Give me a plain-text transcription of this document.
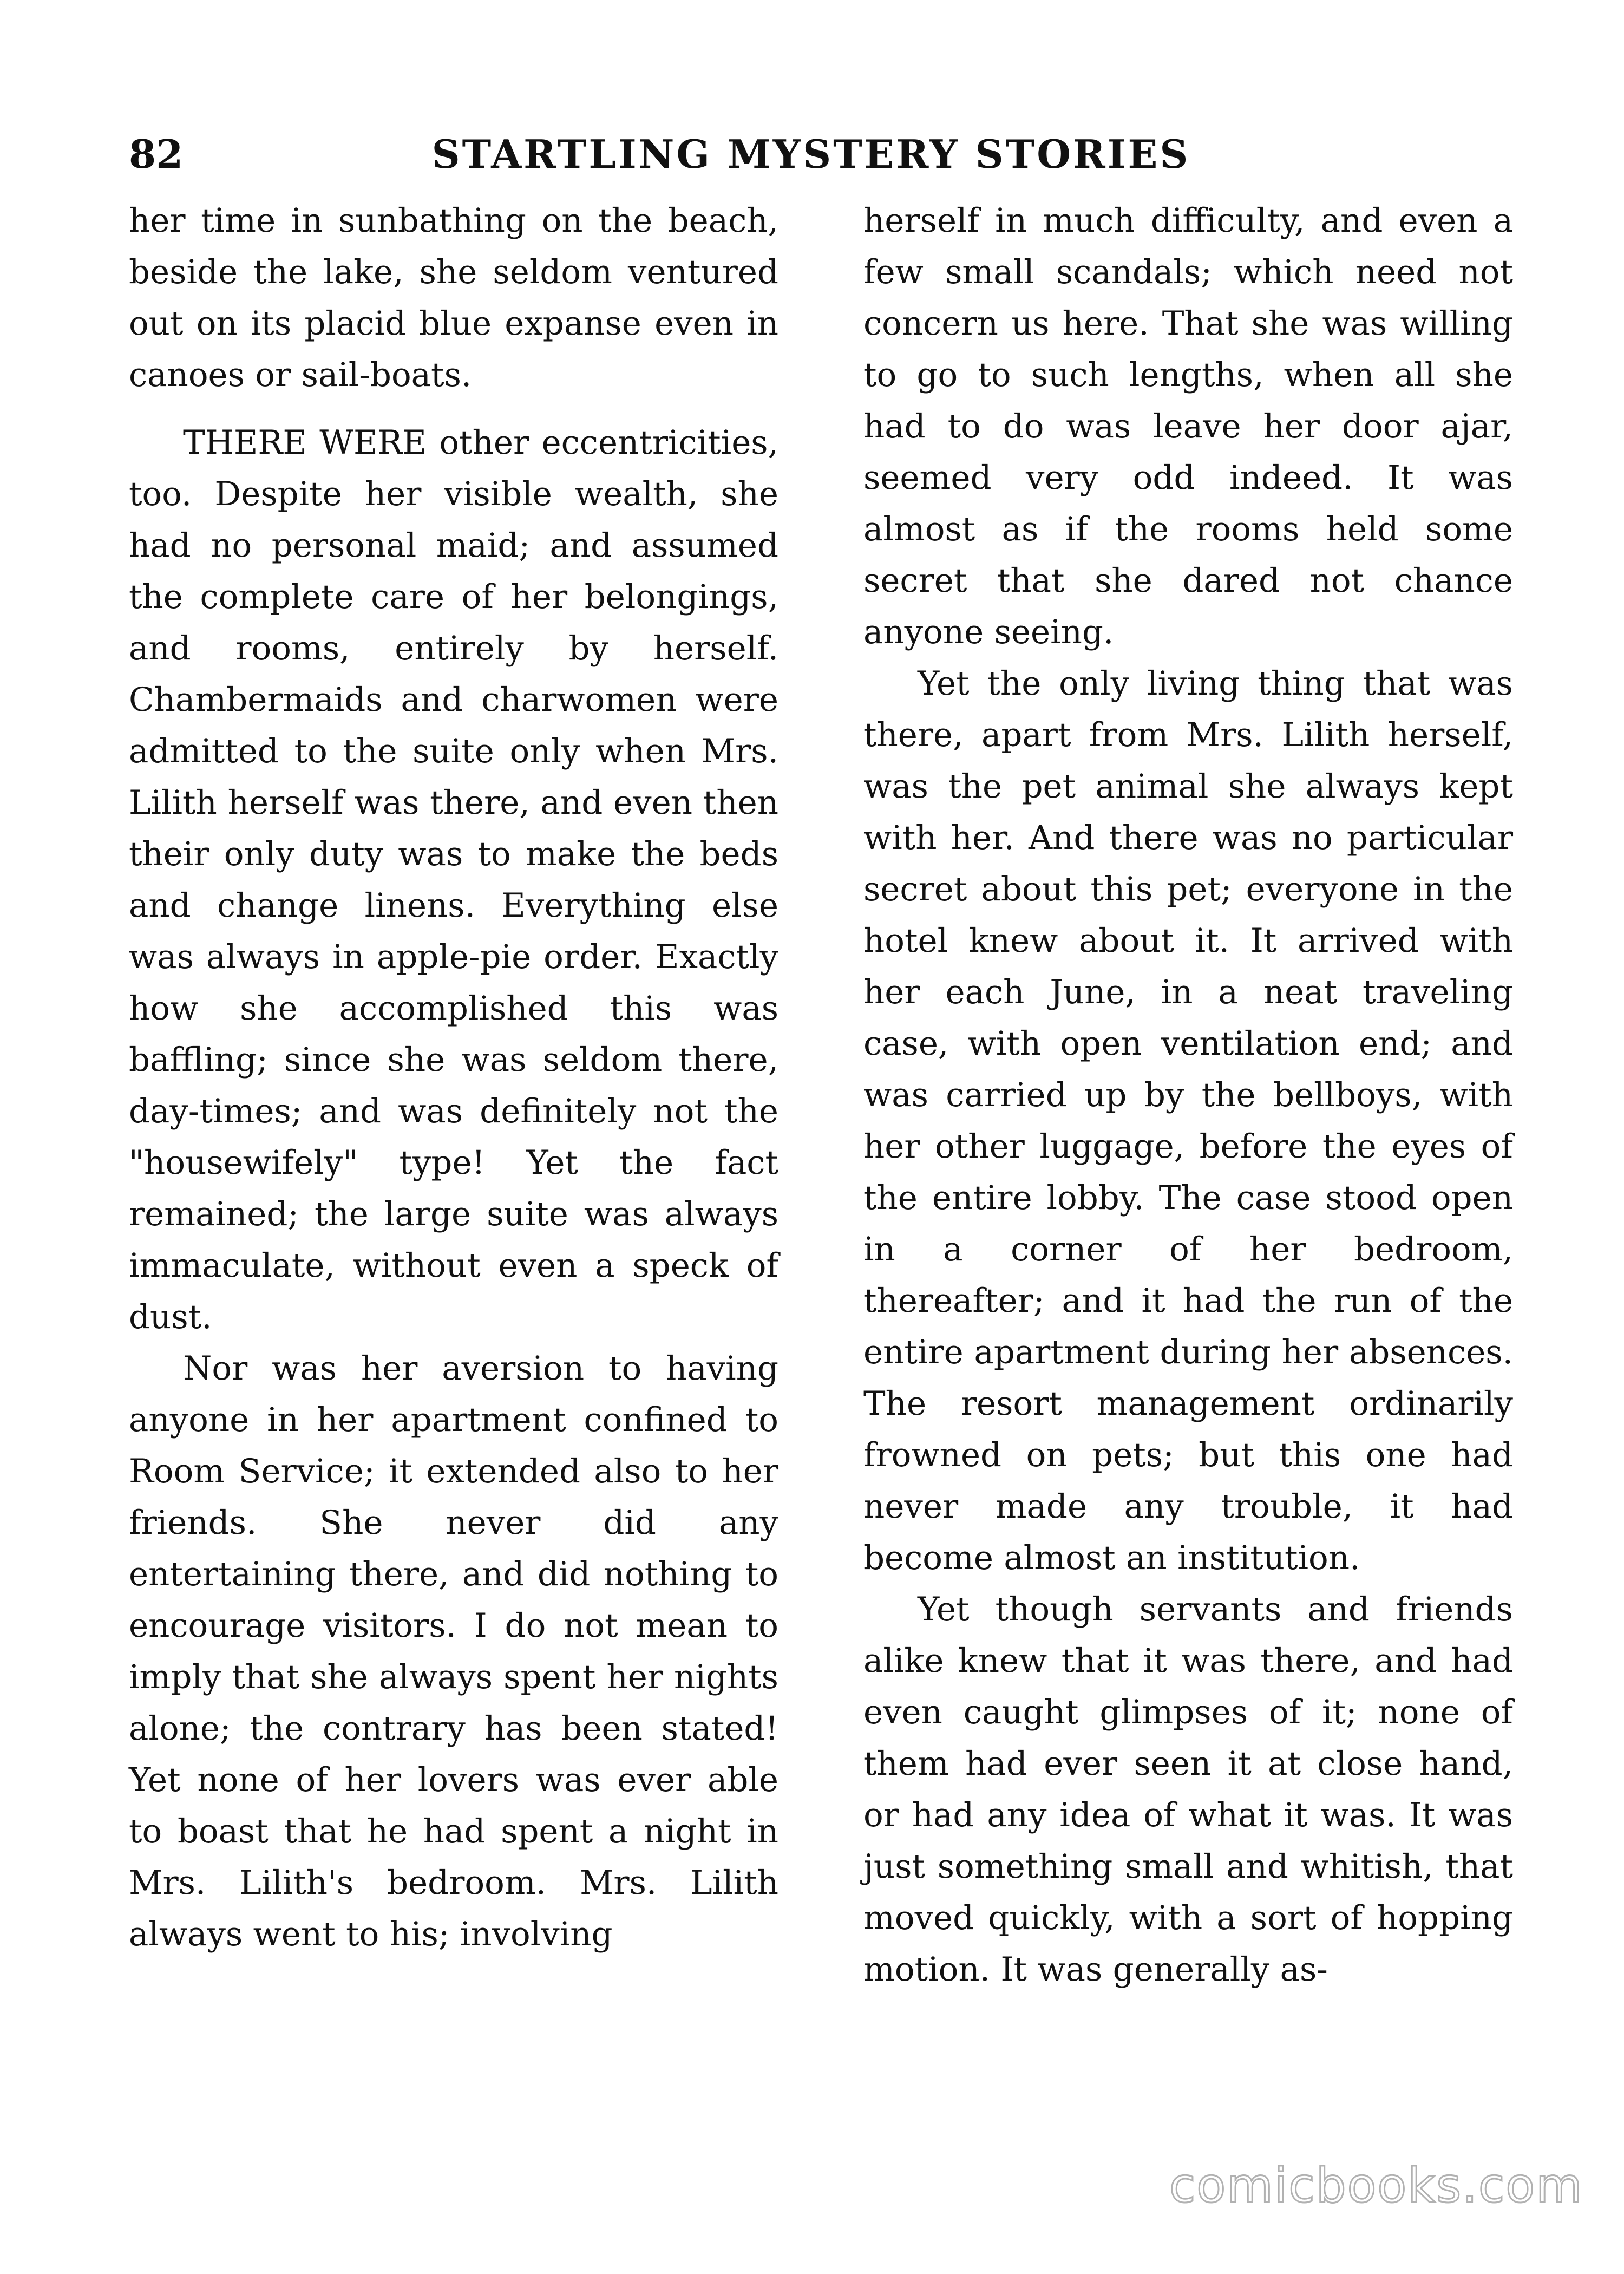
82	STARTLING MYSTERY STORIES

her time in sunbathing on the beach, beside the lake, she seldom ventured out on its placid blue expanse even in canoes or sail-boats.

THERE WERE other eccentricities, too. Despite her visible wealth, she had no personal maid; and assumed the complete care of her belongings, and rooms, entirely by herself. Chambermaids and charwomen were admitted to the suite only when Mrs. Lilith herself was there, and even then their only duty was to make the beds and change linens. Everything else was always in apple-pie order. Exactly how she accomplished this was baffling; since she was seldom there, day-times; and was definitely not the "housewifely" type! Yet the fact remained; the large suite was always immaculate, without even a speck of dust.

Nor was her aversion to having anyone in her apartment confined to Room Service; it extended also to her friends. She never did any entertaining there, and did nothing to encourage visitors. I do not mean to imply that she always spent her nights alone; the contrary has been stated! Yet none of her lovers was ever able to boast that he had spent a night in Mrs. Lilith's bedroom. Mrs. Lilith always went to his; involving

herself in much difficulty, and even a few small scandals; which need not concern us here. That she was willing to go to such lengths, when all she had to do was leave her door ajar, seemed very odd indeed. It was almost as if the rooms held some secret that she dared not chance anyone seeing.

Yet the only living thing that was there, apart from Mrs. Lilith herself, was the pet animal she always kept with her. And there was no particular secret about this pet; everyone in the hotel knew about it. It arrived with her each June, in a neat traveling case, with open ventilation end; and was carried up by the bellboys, with her other luggage, before the eyes of the entire lobby. The case stood open in a corner of her bedroom, thereafter; and it had the run of the entire apartment during her absences. The resort management ordinarily frowned on pets; but this one had never made any trouble, it had become almost an institution.

Yet though servants and friends alike knew that it was there, and had even caught glimpses of it; none of them had ever seen it at close hand, or had any idea of what it was. It was just something small and whitish, that moved quickly, with a sort of hopping motion. It was generally as-

comicbooks.com
